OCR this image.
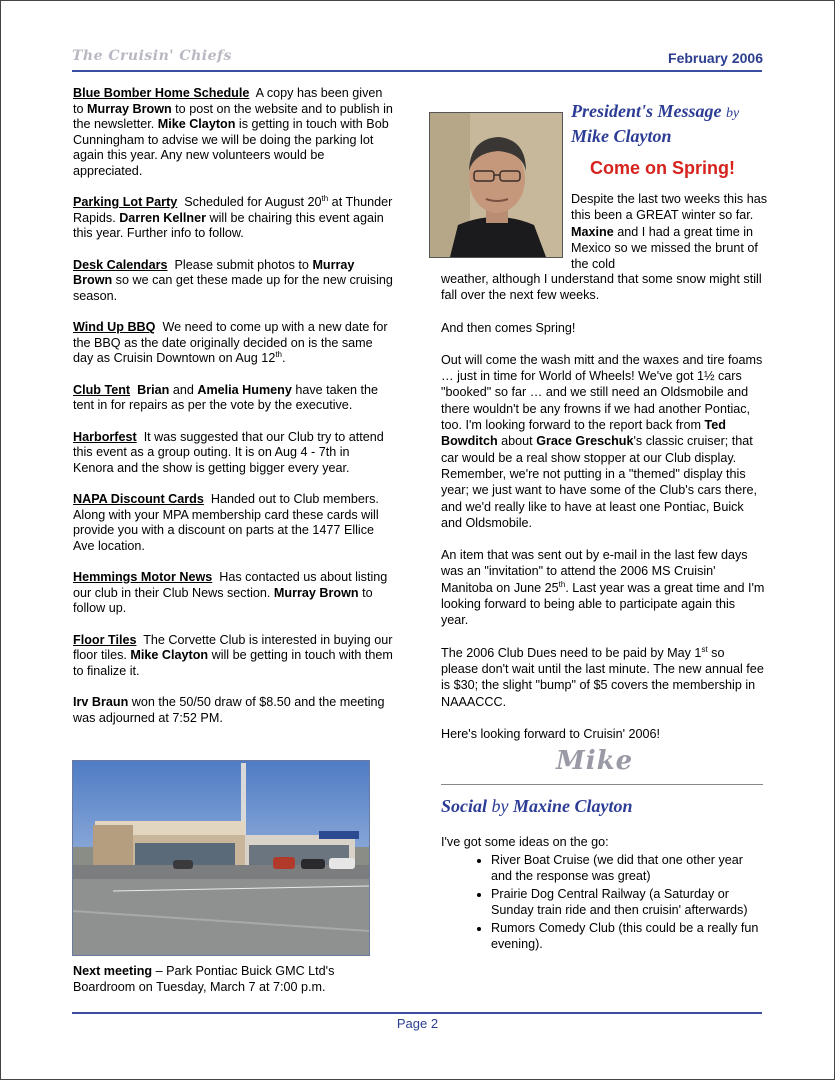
The Cruisin' Chiefs	February 2006

Blue Bomber Home Schedule A copy has been given to Murray Brown to post on the website and to publish in the newsletter. Mike Clayton is getting in touch with Bob Cunningham to advise we will be doing the parking lot again this year. Any new volunteers would be appreciated.

Parking Lot Party Scheduled for August 20th at Thunder Rapids. Darren Kellner will be chairing this event again this year. Further info to follow.

Desk Calendars Please submit photos to Murray Brown so we can get these made up for the new cruising season.

Wind Up BBQ We need to come up with a new date for the BBQ as the date originally decided on is the same day as Cruisin Downtown on Aug 12th.

Club Tent Brian and Amelia Humeny have taken the tent in for repairs as per the vote by the executive.

Harborfest It was suggested that our Club try to attend this event as a group outing. It is on Aug 4 - 7th in Kenora and the show is getting bigger every year.

NAPA Discount Cards Handed out to Club members. Along with your MPA membership card these cards will provide you with a discount on parts at the 1477 Ellice Ave location.

Hemmings Motor News Has contacted us about listing our club in their Club News section. Murray Brown to follow up.

Floor Tiles The Corvette Club is interested in buying our floor tiles. Mike Clayton will be getting in touch with them to finalize it.

Irv Braun won the 50/50 draw of $8.50 and the meeting was adjourned at 7:52 PM.

Next meeting – Park Pontiac Buick GMC Ltd's Boardroom on Tuesday, March 7 at 7:00 p.m.
President's Message by
Mike Clayton
Come on Spring!
Despite the last two weeks this has this been a GREAT winter so far. Maxine and I had a great time in Mexico so we missed the brunt of the cold

weather, although I understand that some snow might still fall over the next few weeks.

And then comes Spring!

Out will come the wash mitt and the waxes and tire foams … just in time for World of Wheels! We've got 1½ cars "booked" so far … and we still need an Oldsmobile and there wouldn't be any frowns if we had another Pontiac, too. I'm looking forward to the report back from Ted Bowditch about Grace Greschuk's classic cruiser; that car would be a real show stopper at our Club display. Remember, we're not putting in a "themed" display this year; we just want to have some of the Club's cars there, and we'd really like to have at least one Pontiac, Buick and Oldsmobile.

An item that was sent out by e-mail in the last few days was an "invitation" to attend the 2006 MS Cruisin' Manitoba on June 25th. Last year was a great time and I'm looking forward to being able to participate again this year.

The 2006 Club Dues need to be paid by May 1st so please don't wait until the last minute. The new annual fee is $30; the slight "bump" of $5 covers the membership in NAAACCC.

Here's looking forward to Cruisin' 2006!

Mike
Social by Maxine Clayton
I've got some ideas on the go:
• River Boat Cruise (we did that one other year and the response was great)
• Prairie Dog Central Railway (a Saturday or Sunday train ride and then cruisin' afterwards)
• Rumors Comedy Club (this could be a really fun evening).
Page 2
